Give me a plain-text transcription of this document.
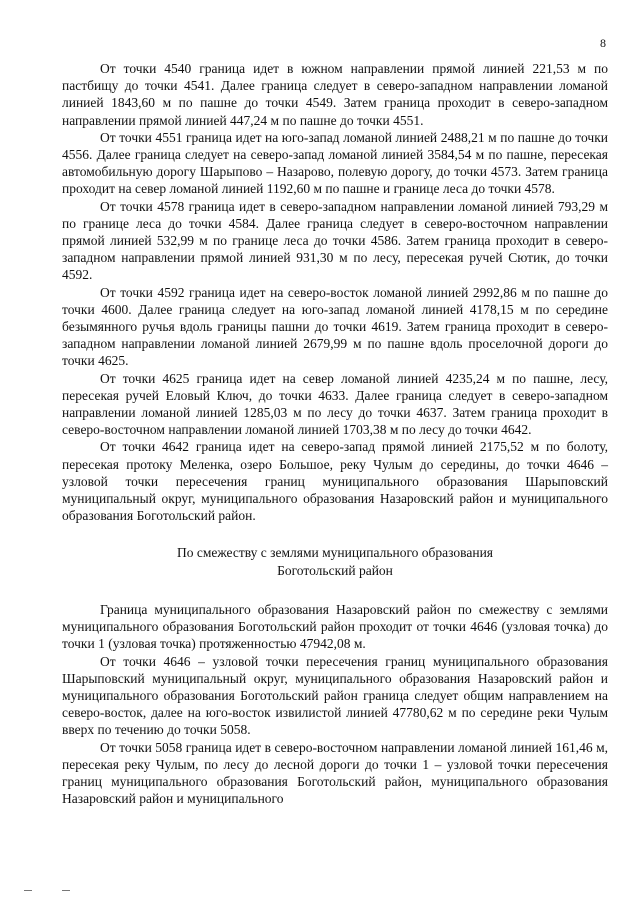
8

От точки 4540 граница идет в южном направлении прямой линией 221,53 м по пастбищу до точки 4541. Далее граница следует в северо-западном направлении ломаной линией 1843,60 м по пашне до точки 4549. Затем граница проходит в северо-западном направлении прямой линией 447,24 м по пашне до точки 4551.

От точки 4551 граница идет на юго-запад ломаной линией 2488,21 м по пашне до точки 4556. Далее граница следует на северо-запад ломаной линией 3584,54 м по пашне, пересекая автомобильную дорогу Шарыпово – Назарово, полевую дорогу, до точки 4573. Затем граница проходит на север ломаной линией 1192,60 м по пашне и границе леса до точки 4578.

От точки 4578 граница идет в северо-западном направлении ломаной линией 793,29 м по границе леса до точки 4584. Далее граница следует в северо-восточном направлении прямой линией 532,99 м по границе леса до точки 4586. Затем граница проходит в северо-западном направлении прямой линией 931,30 м по лесу, пересекая ручей Сютик, до точки 4592.

От точки 4592 граница идет на северо-восток ломаной линией 2992,86 м по пашне до точки 4600. Далее граница следует на юго-запад ломаной линией 4178,15 м по середине безымянного ручья вдоль границы пашни до точки 4619. Затем граница проходит в северо-западном направлении ломаной линией 2679,99 м по пашне вдоль проселочной дороги до точки 4625.

От точки 4625 граница идет на север ломаной линией 4235,24 м по пашне, лесу, пересекая ручей Еловый Ключ, до точки 4633. Далее граница следует в северо-западном направлении ломаной линией 1285,03 м по лесу до точки 4637. Затем граница проходит в северо-восточном направлении ломаной линией 1703,38 м по лесу до точки 4642.

От точки 4642 граница идет на северо-запад прямой линией 2175,52 м по болоту, пересекая протоку Меленка, озеро Большое, реку Чулым до середины, до точки 4646 – узловой точки пересечения границ муниципального образования Шарыповский муниципальный округ, муниципального образования Назаровский район и муниципального образования Боготольский район.

По смежеству с землями муниципального образования

Боготольский район

Граница муниципального образования Назаровский район по смежеству с землями муниципального образования Боготольский район проходит от точки 4646 (узловая точка) до точки 1 (узловая точка) протяженностью 47942,08 м.

От точки 4646 – узловой точки пересечения границ муниципального образования Шарыповский муниципальный округ, муниципального образования Назаровский район и муниципального образования Боготольский район граница следует общим направлением на северо-восток, далее на юго-восток извилистой линией 47780,62 м по середине реки Чулым вверх по течению до точки 5058.

От точки 5058 граница идет в северо-восточном направлении ломаной линией 161,46 м, пересекая реку Чулым, по лесу до лесной дороги до точки 1 – узловой точки пересечения границ муниципального образования Боготольский район, муниципального образования Назаровский район и муниципального
